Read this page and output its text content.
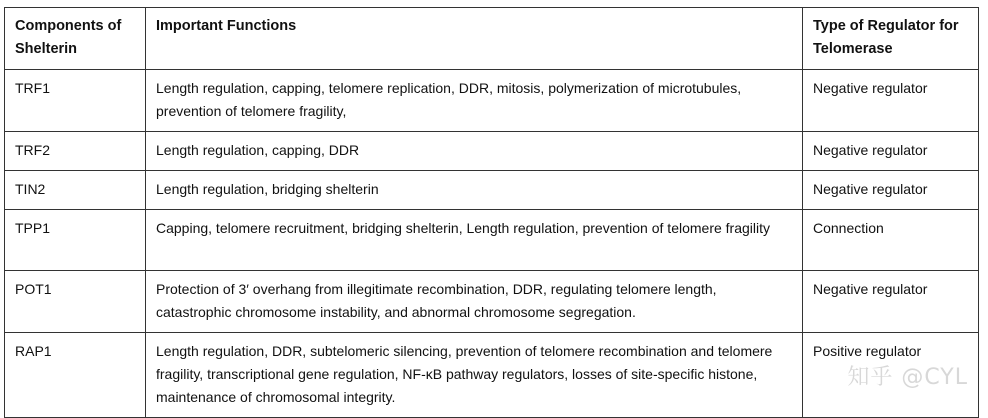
Components of Shelterin	Important Functions	Type of Regulator for Telomerase
TRF1	Length regulation, capping, telomere replication, DDR, mitosis, polymerization of microtubules, prevention of telomere fragility,	Negative regulator
TRF2	Length regulation, capping, DDR	Negative regulator
TIN2	Length regulation, bridging shelterin	Negative regulator
TPP1	Capping, telomere recruitment, bridging shelterin, Length regulation, prevention of telomere fragility	Connection
POT1	Protection of 3′ overhang from illegitimate recombination, DDR, regulating telomere length, catastrophic chromosome instability, and abnormal chromosome segregation.	Negative regulator
RAP1	Length regulation, DDR, subtelomeric silencing, prevention of telomere recombination and telomere fragility, transcriptional gene regulation, NF-κB pathway regulators, losses of site-specific histone, maintenance of chromosomal integrity.	Positive regulator
知乎 @CYL
